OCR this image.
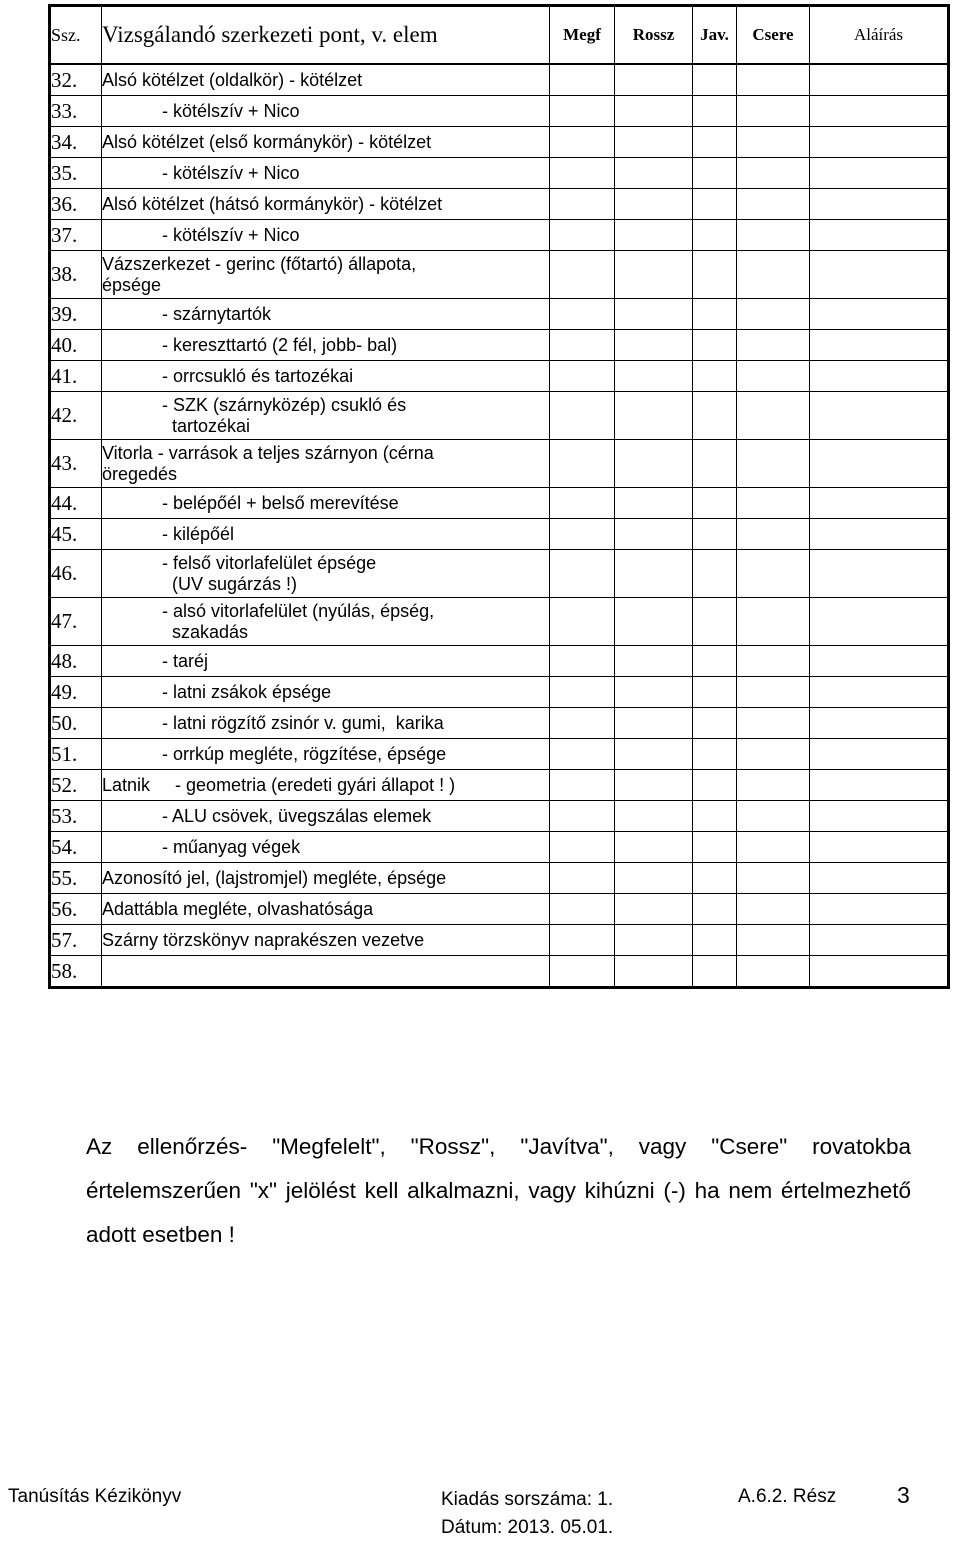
Ssz.	Vizsgálandó szerkezeti pont, v. elem	Megf	Rossz	Jav.	Csere	Aláírás
32.	Alsó kötélzet (oldalkör) - kötélzet					
33.	- kötélszív + Nico					
34.	Alsó kötélzet (első kormánykör) - kötélzet					
35.	- kötélszív + Nico					
36.	Alsó kötélzet (hátsó kormánykör) - kötélzet					
37.	- kötélszív + Nico					
38.	Vázszerkezet - gerinc (főtartó) állapota,
épsége					

39.	- szárnytartók					
40.	- kereszttartó (2 fél, jobb- bal)					
41.	- orrcsukló és tartozékai					
42.	- SZK (szárnyközép) csukló és
tartozékai					

43.	Vitorla - varrások a teljes szárnyon (cérna
öregedés					

44.	- belépőél + belső merevítése					
45.	- kilépőél					
46.	- felső vitorlafelület épsége
(UV sugárzás !)					

47.	- alsó vitorlafelület (nyúlás, épség,
szakadás					

48.	- taréj					
49.	- latni zsákok épsége					
50.	- latni rögzítő zsinór v. gumi,  karika					
51.	- orrkúp megléte, rögzítése, épsége					
52.	Latnik     - geometria (eredeti gyári állapot ! )					
53.	- ALU csövek, üvegszálas elemek					
54.	- műanyag végek					
55.	Azonosító jel, (lajstromjel) megléte, épsége					
56.	Adattábla megléte, olvashatósága					
57.	Szárny törzskönyv naprakészen vezetve					
58.						
Az ellenőrzés- "Megfelelt", "Rossz", "Javítva", vagy "Csere" rovatokba értelemszerűen "x" jelölést kell alkalmazni, vagy kihúzni (-) ha nem értelmezhető adott esetben !
Tanúsítás Kézikönyv	Kiadás sorszáma: 1.
Dátum: 2013. 05.01.
A.6.2. Rész	3
